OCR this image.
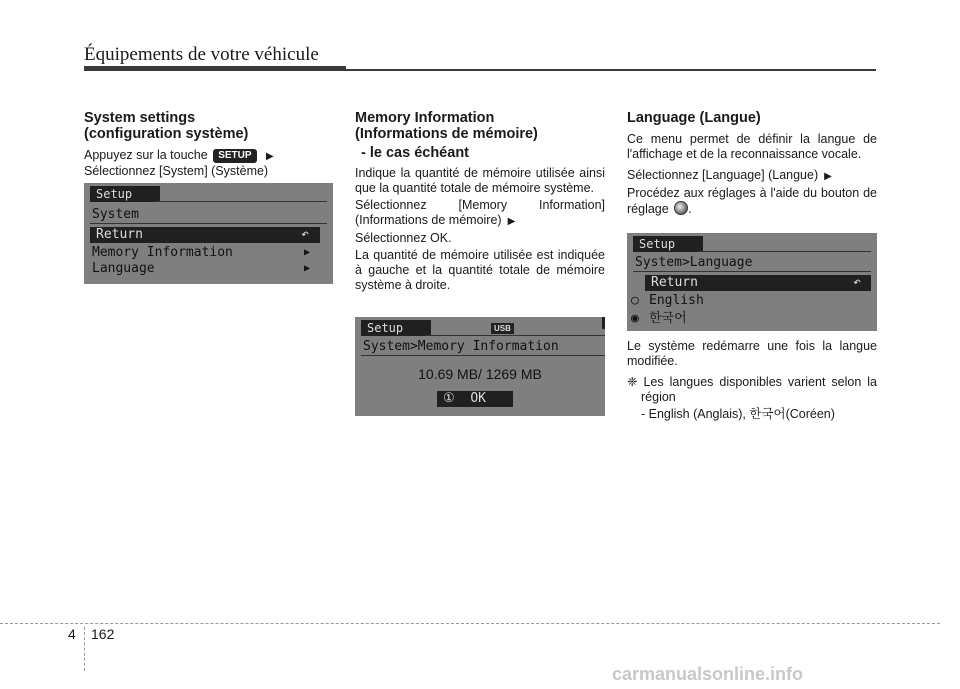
Équipements de votre véhicule
System settings
(configuration système)

Appuyez sur la touche SETUP ▶
Sélectionnez [System] (Système)

Setup
System
Return	↶
Memory Information	▶
Language	▶
Memory Information
(Informations de mémoire)
- le cas échéant

Indique la quantité de mémoire utilisée ainsi que la quantité totale de mémoire système.

Sélectionnez [Memory Information] (Informations de mémoire) ▶

Sélectionnez OK.

La quantité de mémoire utilisée est indiquée à gauche et la quantité totale de mémoire système à droite.

Setup	USB
System>Memory Information
10.69 MB/ 1269 MB
① OK
Language (Langue)

Ce menu permet de définir la langue de l'affichage et de la reconnaissance vocale.

Sélectionnez [Language] (Langue) ▶

Procédez aux réglages à l'aide du bouton de réglage .

Setup
System>Language
Return	↶
○ English
◉ 한국어

Le système redémarre une fois la langue modifiée.

❈ Les langues disponibles varient selon la région

- English (Anglais), 한국어(Coréen)

4 162
carmanualsonline.info
